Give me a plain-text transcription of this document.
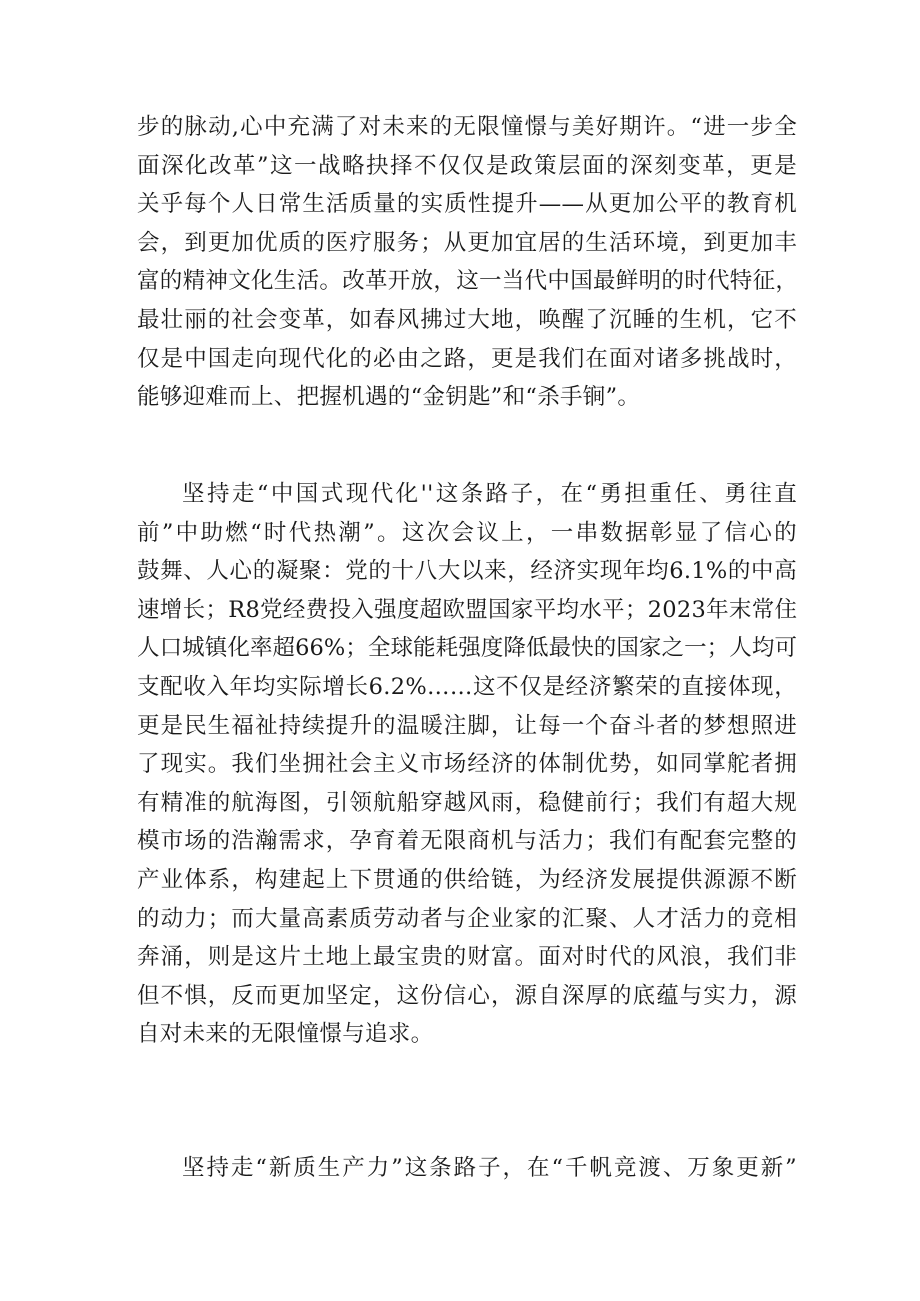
步的脉动,心中充满了对未来的无限憧憬与美好期许。“进一步全
面深化改革”这一战略抉择不仅仅是政策层面的深刻变革，更是
关乎每个人日常生活质量的实质性提升——从更加公平的教育机
会，到更加优质的医疗服务；从更加宜居的生活环境，到更加丰
富的精神文化生活。改革开放，这一当代中国最鲜明的时代特征，
最壮丽的社会变革，如春风拂过大地，唤醒了沉睡的生机，它不
仅是中国走向现代化的必由之路，更是我们在面对诸多挑战时，
能够迎难而上、把握机遇的“金钥匙”和“杀手锏”。
坚持走“中国式现代化''这条路子，在“勇担重任、勇往直
前”中助燃“时代热潮”。这次会议上，一串数据彰显了信心的
鼓舞、人心的凝聚：党的十八大以来，经济实现年均6.1%的中高
速增长；R8党经费投入强度超欧盟国家平均水平；2023年末常住
人口城镇化率超66%；全球能耗强度降低最快的国家之一；人均可
支配收入年均实际增长6.2%……这不仅是经济繁荣的直接体现，
更是民生福祉持续提升的温暖注脚，让每一个奋斗者的梦想照进
了现实。我们坐拥社会主义市场经济的体制优势，如同掌舵者拥
有精准的航海图，引领航船穿越风雨，稳健前行；我们有超大规
模市场的浩瀚需求，孕育着无限商机与活力；我们有配套完整的
产业体系，构建起上下贯通的供给链，为经济发展提供源源不断
的动力；而大量高素质劳动者与企业家的汇聚、人才活力的竞相
奔涌，则是这片土地上最宝贵的财富。面对时代的风浪，我们非
但不惧，反而更加坚定，这份信心，源自深厚的底蕴与实力，源
自对未来的无限憧憬与追求。
坚持走“新质生产力”这条路子，在“千帆竞渡、万象更新”
